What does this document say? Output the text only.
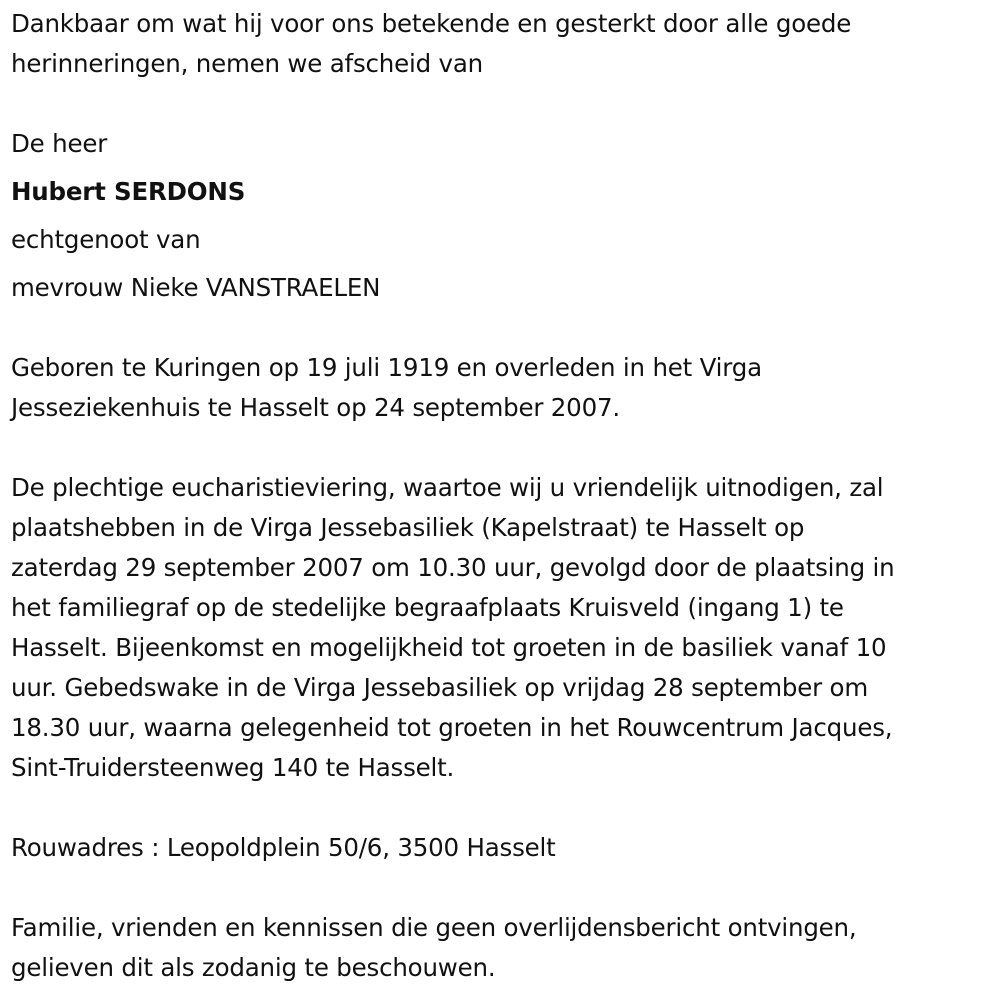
Dankbaar om wat hij voor ons betekende en gesterkt door alle goede
herinneringen, nemen we afscheid van
De heer
Hubert SERDONS
echtgenoot van
mevrouw Nieke VANSTRAELEN
Geboren te Kuringen op 19 juli 1919 en overleden in het Virga
Jesseziekenhuis te Hasselt op 24 september 2007.
De plechtige eucharistieviering, waartoe wij u vriendelijk uitnodigen, zal
plaatshebben in de Virga Jessebasiliek (Kapelstraat) te Hasselt op
zaterdag 29 september 2007 om 10.30 uur, gevolgd door de plaatsing in
het familiegraf op de stedelijke begraafplaats Kruisveld (ingang 1) te
Hasselt. Bijeenkomst en mogelijkheid tot groeten in de basiliek vanaf 10
uur. Gebedswake in de Virga Jessebasiliek op vrijdag 28 september om
18.30 uur, waarna gelegenheid tot groeten in het Rouwcentrum Jacques,
Sint-Truidersteenweg 140 te Hasselt.
Rouwadres : Leopoldplein 50/6, 3500 Hasselt
Familie, vrienden en kennissen die geen overlijdensbericht ontvingen,
gelieven dit als zodanig te beschouwen.
